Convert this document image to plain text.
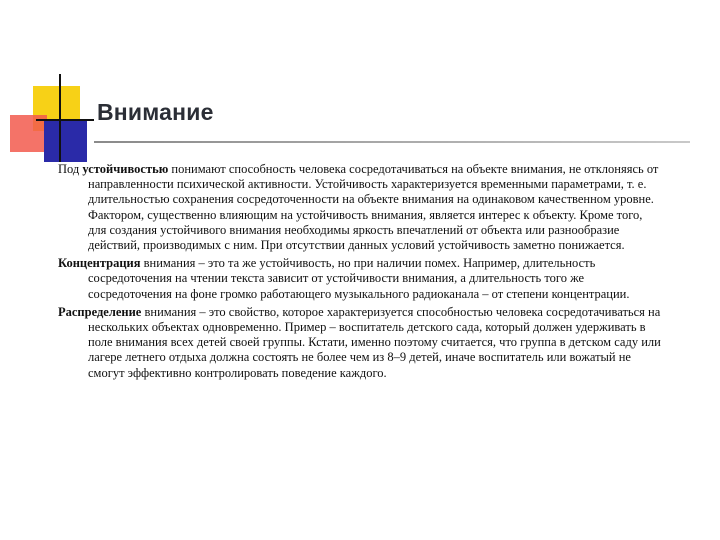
Внимание

Под устойчивостью понимают способность человека сосредотачиваться на объекте внимания, не отклоняясь от направленности психической активности. Устойчивость характеризуется временными параметрами, т. е. длительностью сохранения сосредоточенности на объекте внимания на одинаковом качественном уровне. Фактором, существенно влияющим на устойчивость внимания, является интерес к объекту. Кроме того, для создания устойчивого внимания необходимы яркость впечатлений от объекта или разнообразие действий, производимых с ним. При отсутствии данных условий устойчивость заметно понижается.

Концентрация внимания – это та же устойчивость, но при наличии помех. Например, длительность сосредоточения на чтении текста зависит от устойчивости внимания, а длительность того же сосредоточения на фоне громко работающего музыкального радиоканала – от степени концентрации.

Распределение внимания – это свойство, которое характеризуется способностью человека сосредотачиваться на нескольких объектах одновременно. Пример – воспитатель детского сада, который должен удерживать в поле внимания всех детей своей группы. Кстати, именно поэтому считается, что группа в детском саду или лагере летнего отдыха должна состоять не более чем из 8–9 детей, иначе воспитатель или вожатый не смогут эффективно контролировать поведение каждого.
